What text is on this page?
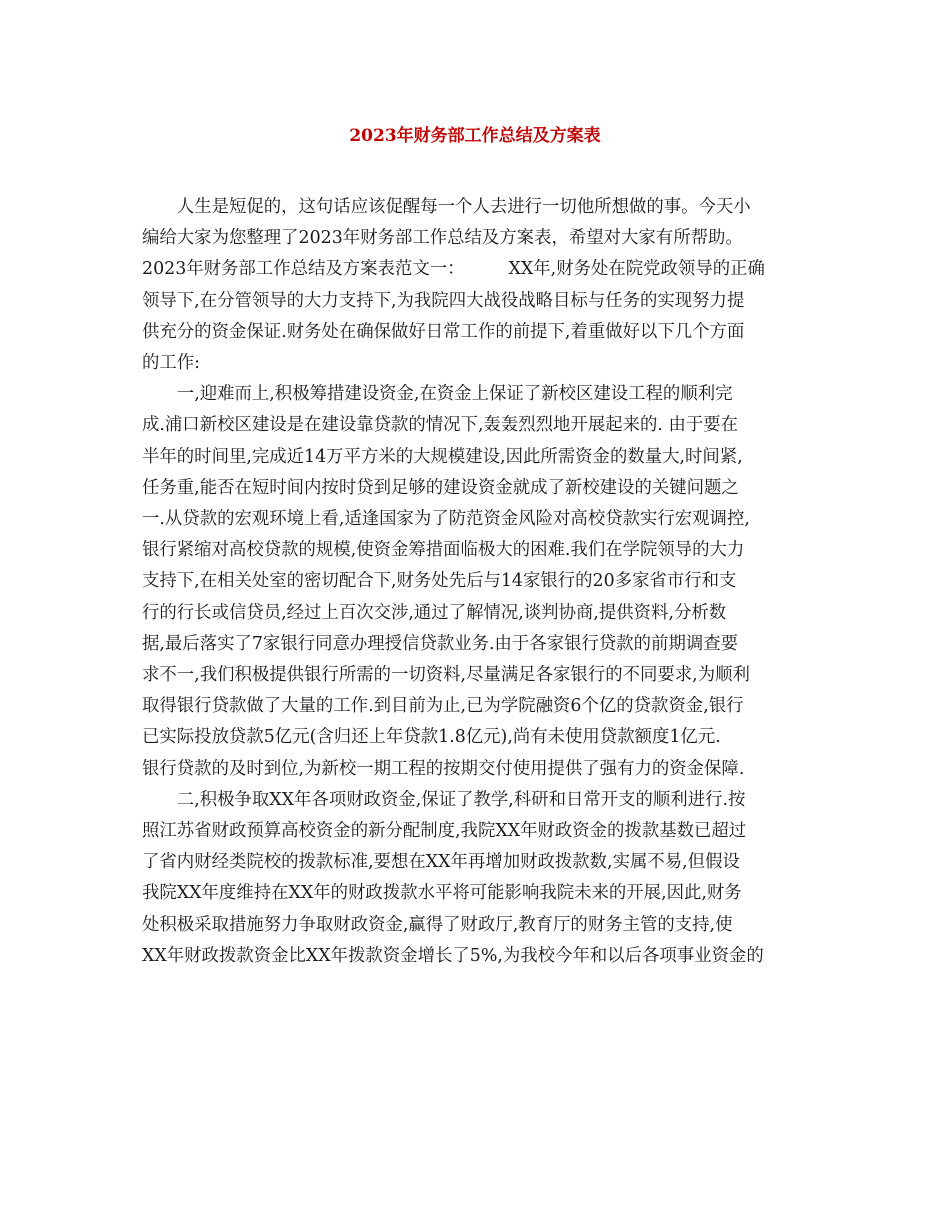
2023年财务部工作总结及方案表

人生是短促的，这句话应该促醒每一个人去进行一切他所想做的事。今天小
编给大家为您整理了2023年财务部工作总结及方案表，希望对大家有所帮助。
2023年财务部工作总结及方案表范文一：	XX年,财务处在院党政领导的正确
领导下,在分管领导的大力支持下,为我院四大战役战略目标与任务的实现努力提
供充分的资金保证.财务处在确保做好日常工作的前提下,着重做好以下几个方面
的工作:

一,迎难而上,积极筹措建设资金,在资金上保证了新校区建设工程的顺利完
成.浦口新校区建设是在建设靠贷款的情况下,轰轰烈烈地开展起来的. 由于要在
半年的时间里,完成近14万平方米的大规模建设,因此所需资金的数量大,时间紧,
任务重,能否在短时间内按时贷到足够的建设资金就成了新校建设的关键问题之
一.从贷款的宏观环境上看,适逢国家为了防范资金风险对高校贷款实行宏观调控,
银行紧缩对高校贷款的规模,使资金筹措面临极大的困难.我们在学院领导的大力
支持下,在相关处室的密切配合下,财务处先后与14家银行的20多家省市行和支
行的行长或信贷员,经过上百次交涉,通过了解情况,谈判协商,提供资料,分析数
据,最后落实了7家银行同意办理授信贷款业务.由于各家银行贷款的前期调查要
求不一,我们积极提供银行所需的一切资料,尽量满足各家银行的不同要求,为顺利
取得银行贷款做了大量的工作.到目前为止,已为学院融资6个亿的贷款资金,银行
已实际投放贷款5亿元(含归还上年贷款1.8亿元),尚有未使用贷款额度1亿元.
银行贷款的及时到位,为新校一期工程的按期交付使用提供了强有力的资金保障.

二,积极争取XX年各项财政资金,保证了教学,科研和日常开支的顺利进行.按
照江苏省财政预算高校资金的新分配制度,我院XX年财政资金的拨款基数已超过
了省内财经类院校的拨款标准,要想在XX年再增加财政拨款数,实属不易,但假设
我院XX年度维持在XX年的财政拨款水平将可能影响我院未来的开展,因此,财务
处积极采取措施努力争取财政资金,赢得了财政厅,教育厅的财务主管的支持,使
XX年财政拨款资金比XX年拨款资金增长了5%,为我校今年和以后各项事业资金的
